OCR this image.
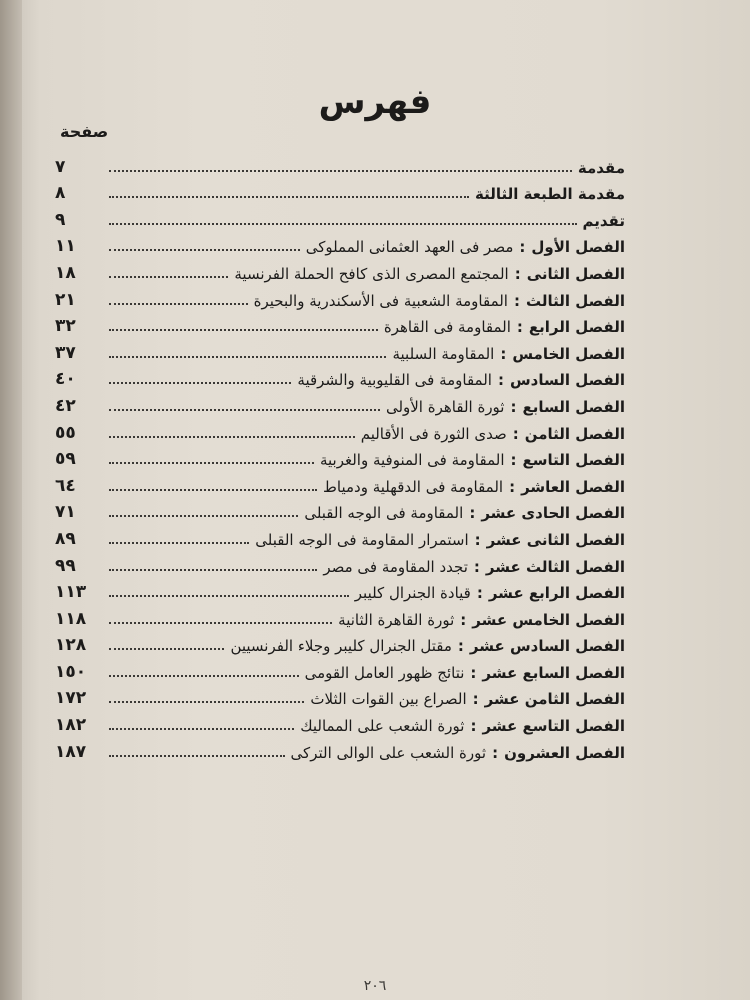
فهرس
صفحة
مقدمة
٧
مقدمة الطبعة الثالثة
٨
تقديم
٩
الفصل الأول
:
مصر فى العهد العثمانى المملوكى
١١
الفصل الثانى
:
المجتمع المصرى الذى كافح الحملة الفرنسية
١٨
الفصل الثالث
:
المقاومة الشعبية فى الأسكندرية والبحيرة
٢١
الفصل الرابع
:
المقاومة فى القاهرة
٣٢
الفصل الخامس
:
المقاومة السلبية
٣٧
الفصل السادس
:
المقاومة فى القليوبية والشرقية
٤٠
الفصل السابع
:
ثورة القاهرة الأولى
٤٢
الفصل الثامن
:
صدى الثورة فى الأقاليم
٥٥
الفصل التاسع
:
المقاومة فى المنوفية والغربية
٥٩
الفصل العاشر
:
المقاومة فى الدقهلية ودمياط
٦٤
الفصل الحادى عشر
:
المقاومة فى الوجه القبلى
٧١
الفصل الثانى عشر
:
استمرار المقاومة فى الوجه القبلى
٨٩
الفصل الثالث عشر
:
تجدد المقاومة فى مصر
٩٩
الفصل الرابع عشر
:
قيادة الجنرال كليبر
١١٣
الفصل الخامس عشر
:
ثورة القاهرة الثانية
١١٨
الفصل السادس عشر
:
مقتل الجنرال كليبر وجلاء الفرنسيين
١٢٨
الفصل السابع عشر
:
نتائج ظهور العامل القومى
١٥٠
الفصل الثامن عشر
:
الصراع بين القوات الثلاث
١٧٢
الفصل التاسع عشر
:
ثورة الشعب على المماليك
١٨٢
الفصل العشرون
:
ثورة الشعب على الوالى التركى
١٨٧
٢٠٦
